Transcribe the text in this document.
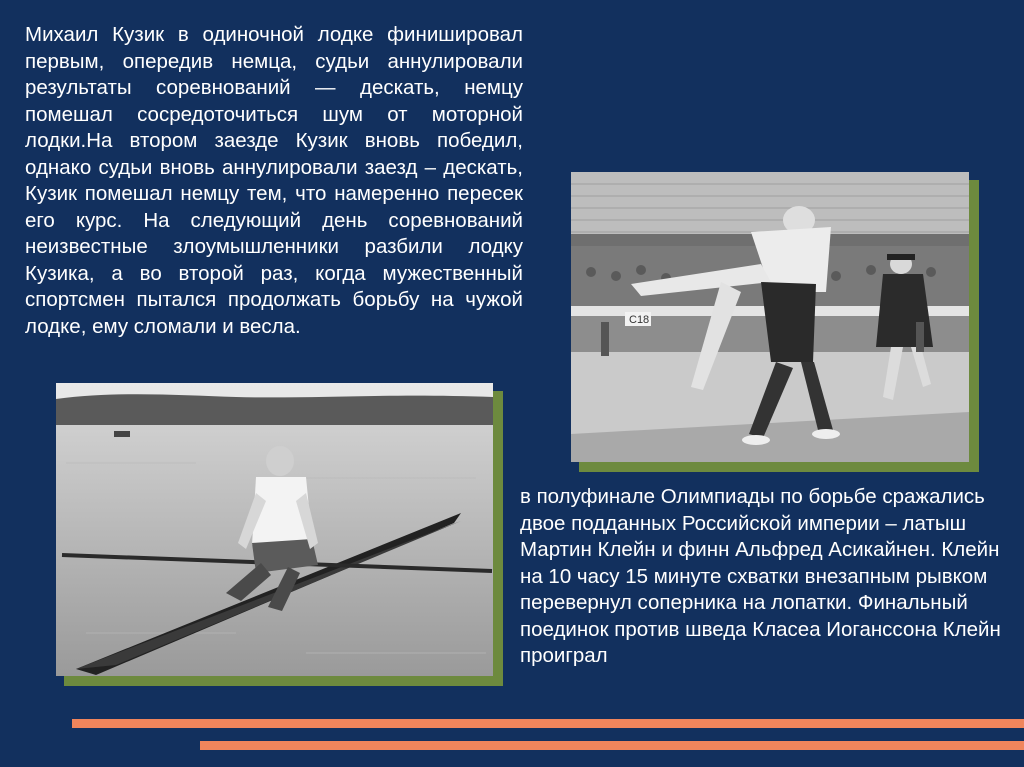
Михаил Кузик в одиночной лодке финишировал первым, опередив немца, судьи аннулировали результаты соревнований — дескать, немцу помешал сосредоточиться шум от моторной лодки.На втором заезде Кузик вновь победил, однако судьи вновь аннулировали заезд – дескать, Кузик помешал немцу тем, что намеренно пересек его курс. На следующий день соревнований неизвестные злоумышленники разбили лодку Кузика, а во второй раз, когда мужественный спортсмен пытался продолжать борьбу на чужой лодке, ему сломали и весла.	C18

в полуфинале Олимпиады по борьбе сражались двое подданных Российской империи – латыш Мартин Клейн и финн Альфред Асикайнен. Клейн на 10 часу 15 минуте схватки внезапным рывком перевернул соперника на лопатки. Финальный поединок против шведа Класеа Иоганссона Клейн проиграл
